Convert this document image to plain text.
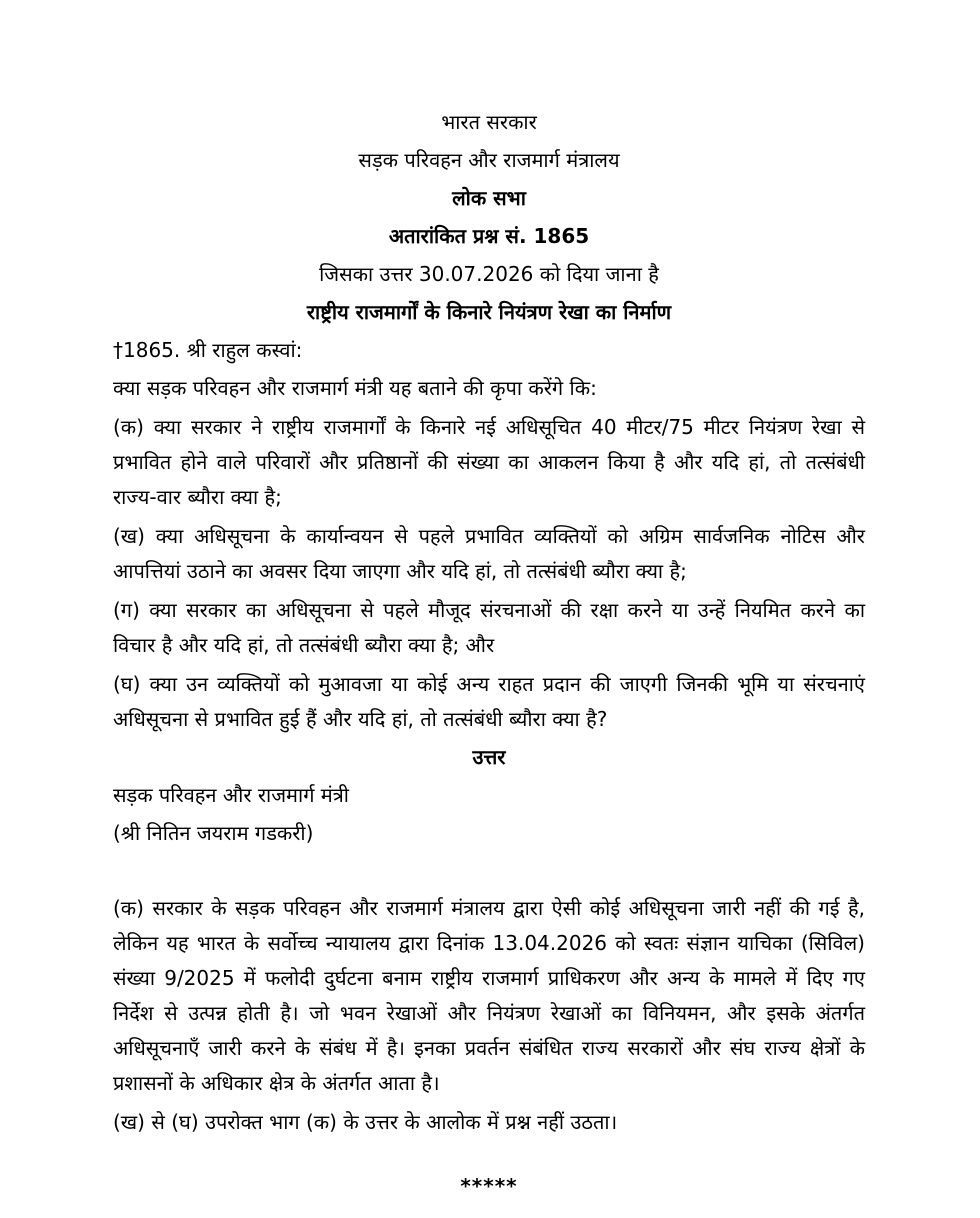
भारत सरकार

सड़क परिवहन और राजमार्ग मंत्रालय

लोक सभा

अतारांकित प्रश्न सं. 1865

जिसका उत्तर 30.07.2026 को दिया जाना है

राष्ट्रीय राजमार्गों के किनारे नियंत्रण रेखा का निर्माण

†1865. श्री राहुल कस्वां:

क्या सड़क परिवहन और राजमार्ग मंत्री यह बताने की कृपा करेंगे कि:

(क) क्या सरकार ने राष्ट्रीय राजमार्गों के किनारे नई अधिसूचित 40 मीटर/75 मीटर नियंत्रण रेखा से प्रभावित होने वाले परिवारों और प्रतिष्ठानों की संख्या का आकलन किया है और यदि हां, तो तत्संबंधी राज्य-वार ब्यौरा क्या है;

(ख) क्या अधिसूचना के कार्यान्वयन से पहले प्रभावित व्यक्तियों को अग्रिम सार्वजनिक नोटिस और आपत्तियां उठाने का अवसर दिया जाएगा और यदि हां, तो तत्संबंधी ब्यौरा क्या है;

(ग) क्या सरकार का अधिसूचना से पहले मौजूद संरचनाओं की रक्षा करने या उन्हें नियमित करने का विचार है और यदि हां, तो तत्संबंधी ब्यौरा क्या है; और

(घ) क्या उन व्यक्तियों को मुआवजा या कोई अन्य राहत प्रदान की जाएगी जिनकी भूमि या संरचनाएं अधिसूचना से प्रभावित हुई हैं और यदि हां, तो तत्संबंधी ब्यौरा क्या है?

उत्तर

सड़क परिवहन और राजमार्ग मंत्री

(श्री नितिन जयराम गडकरी)

(क) सरकार के सड़क परिवहन और राजमार्ग मंत्रालय द्वारा ऐसी कोई अधिसूचना जारी नहीं की गई है, लेकिन यह भारत के सर्वोच्च न्यायालय द्वारा दिनांक 13.04.2026 को स्वतः संज्ञान याचिका (सिविल) संख्या 9/2025 में फलोदी दुर्घटना बनाम राष्ट्रीय राजमार्ग प्राधिकरण और अन्य के मामले में दिए गए निर्देश से उत्पन्न होती है। जो भवन रेखाओं और नियंत्रण रेखाओं का विनियमन, और इसके अंतर्गत अधिसूचनाएँ जारी करने के संबंध में है। इनका प्रवर्तन संबंधित राज्य सरकारों और संघ राज्य क्षेत्रों के प्रशासनों के अधिकार क्षेत्र के अंतर्गत आता है।

(ख) से (घ) उपरोक्त भाग (क) के उत्तर के आलोक में प्रश्न नहीं उठता।

*****
